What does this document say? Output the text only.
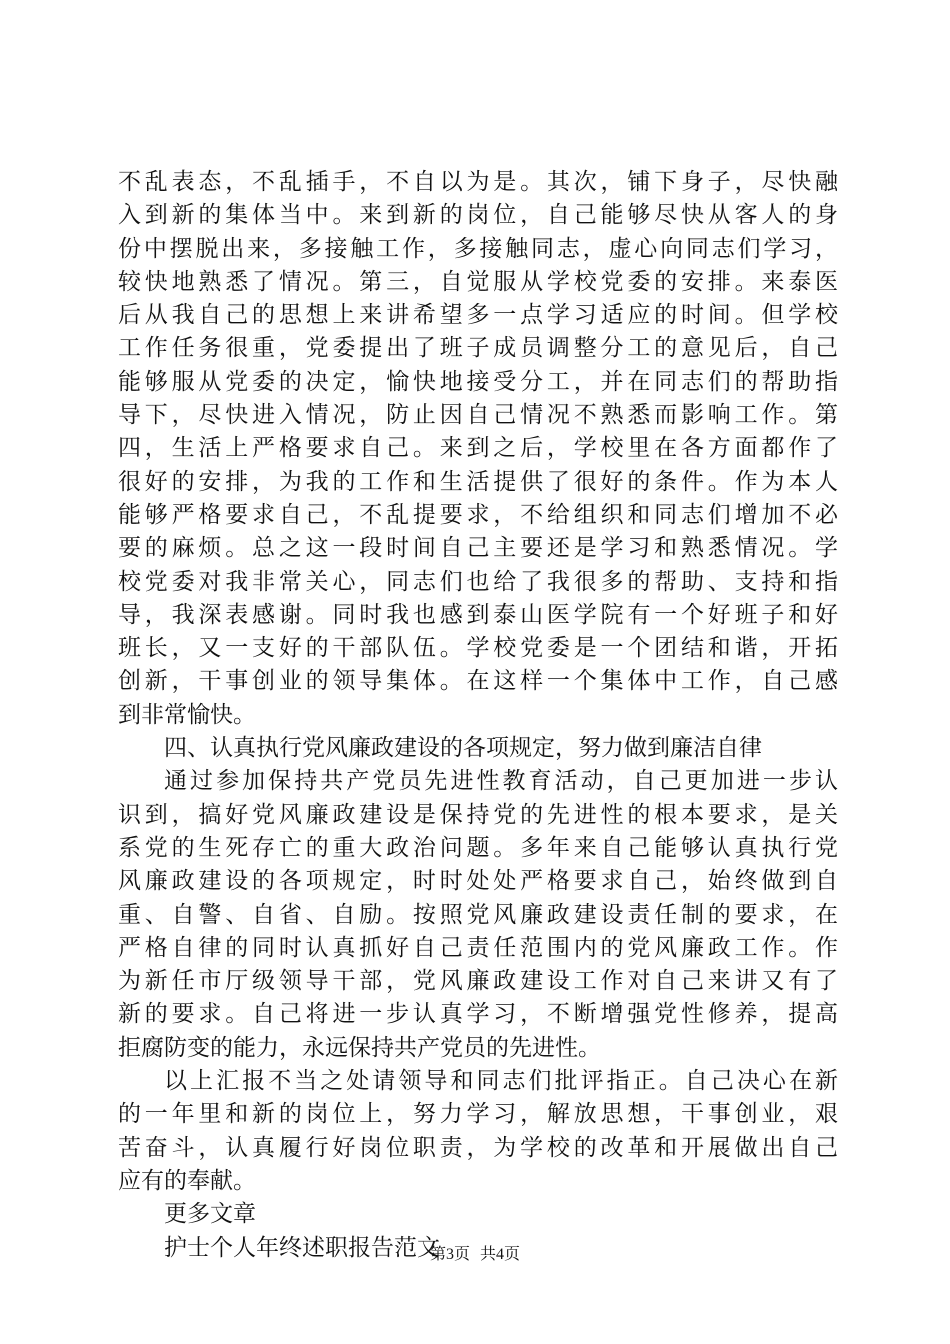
不乱表态，不乱插手，不自以为是。其次，铺下身子，尽快融
入到新的集体当中。来到新的岗位，自己能够尽快从客人的身
份中摆脱出来，多接触工作，多接触同志，虚心向同志们学习，
较快地熟悉了情况。第三，自觉服从学校党委的安排。来泰医
后从我自己的思想上来讲希望多一点学习适应的时间。但学校
工作任务很重，党委提出了班子成员调整分工的意见后，自己
能够服从党委的决定，愉快地接受分工，并在同志们的帮助指
导下，尽快进入情况，防止因自己情况不熟悉而影响工作。第
四，生活上严格要求自己。来到之后，学校里在各方面都作了
很好的安排，为我的工作和生活提供了很好的条件。作为本人
能够严格要求自己，不乱提要求，不给组织和同志们增加不必
要的麻烦。总之这一段时间自己主要还是学习和熟悉情况。学
校党委对我非常关心，同志们也给了我很多的帮助、支持和指
导，我深表感谢。同时我也感到泰山医学院有一个好班子和好
班长，又一支好的干部队伍。学校党委是一个团结和谐，开拓
创新，干事创业的领导集体。在这样一个集体中工作，自己感
到非常愉快。
四、认真执行党风廉政建设的各项规定，努力做到廉洁自律
通过参加保持共产党员先进性教育活动，自己更加进一步认
识到，搞好党风廉政建设是保持党的先进性的根本要求，是关
系党的生死存亡的重大政治问题。多年来自己能够认真执行党
风廉政建设的各项规定，时时处处严格要求自己，始终做到自
重、自警、自省、自励。按照党风廉政建设责任制的要求，在
严格自律的同时认真抓好自己责任范围内的党风廉政工作。作
为新任市厅级领导干部，党风廉政建设工作对自己来讲又有了
新的要求。自己将进一步认真学习，不断增强党性修养，提高
拒腐防变的能力，永远保持共产党员的先进性。
以上汇报不当之处请领导和同志们批评指正。自己决心在新
的一年里和新的岗位上，努力学习，解放思想，干事创业，艰
苦奋斗，认真履行好岗位职责，为学校的改革和开展做出自己
应有的奉献。
更多文章
护士个人年终述职报告范文
第3页 共4页
